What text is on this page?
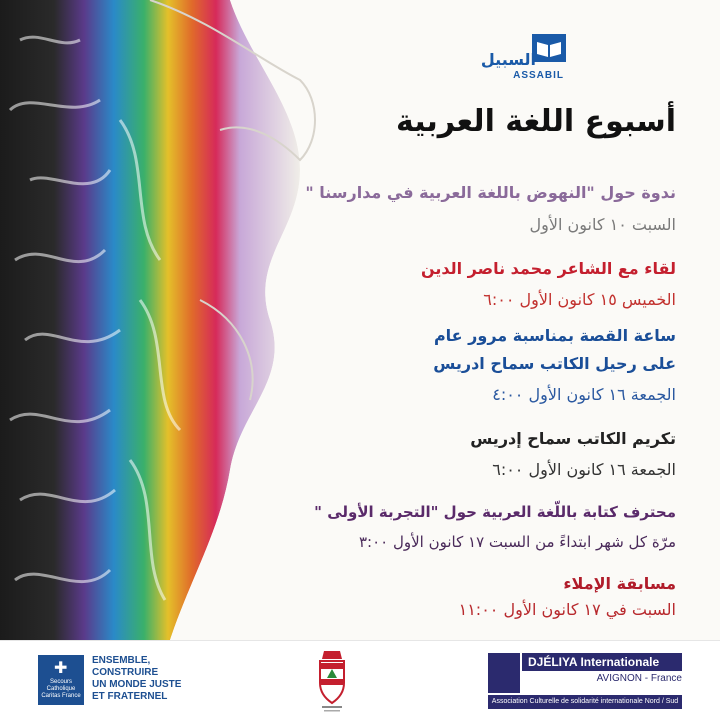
السبيل
ASSABIL
أسبوع اللغة العربية
ندوة حول "النهوض باللغة العربية في مدارسنا "
السبت ١٠ كانون الأول
لقاء مع الشاعر محمد ناصر الدين
الخميس ١٥ كانون الأول ٦:٠٠
ساعة القصة بمناسبة مرور عام
على رحيل الكاتب سماح ادريس
الجمعة ١٦ كانون الأول ٤:٠٠
تكريم الكاتب سماح إدريس
الجمعة ١٦ كانون الأول ٦:٠٠
محترف كتابة باللّغة العربية حول "التجربة الأولى "
مرّة كل شهر ابتداءً من السبت ١٧ كانون الأول ٣:٠٠
مسابقة الإملاء
السبت في ١٧ كانون الأول ١١:٠٠
✚
Secours
Catholique
Caritas France
ENSEMBLE,
CONSTRUIRE
UN MONDE JUSTE
ET FRATERNEL
DJÉLIYA Internationale
AVIGNON - France
Association Culturelle de solidarité internationale Nord / Sud
